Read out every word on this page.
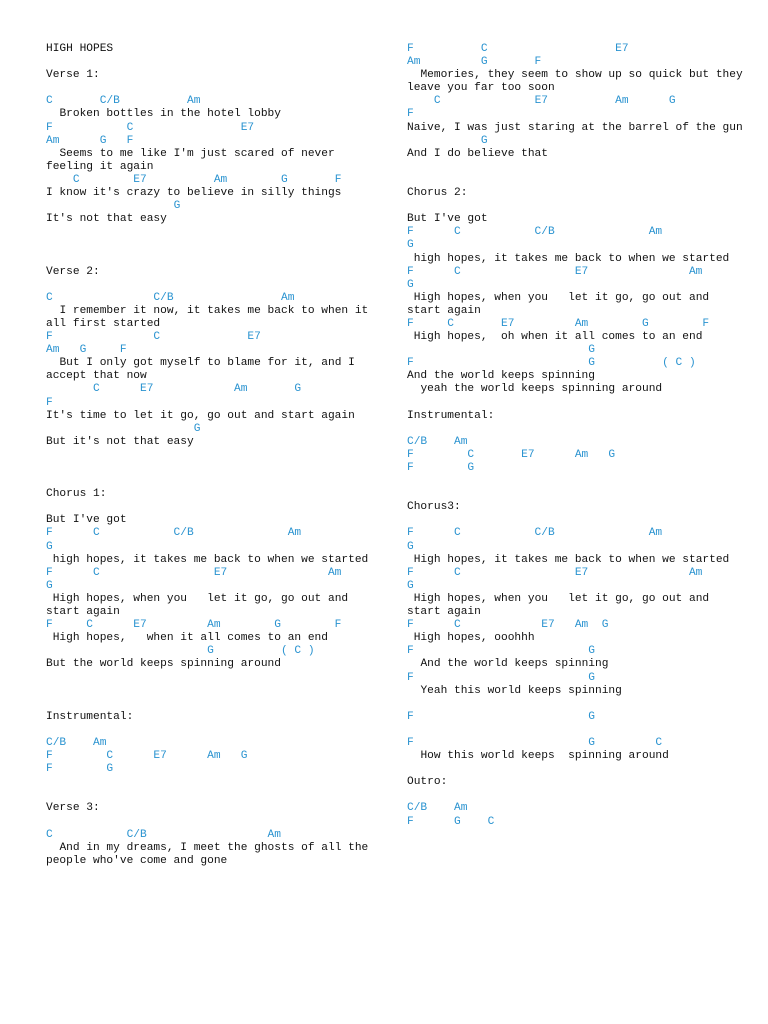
HIGH HOPES
Verse 1:
C       C/B          Am
Broken bottles in the hotel lobby
F           C                E7
Am      G   F
Seems to me like I'm just scared of never feeling it again
C        E7          Am        G       F
I know it's crazy to believe in silly things
G
It's not that easy
Verse 2:
C               C/B                Am
I remember it now, it takes me back to when it all first started
F               C             E7
Am   G     F
But I only got myself to blame for it, and I accept that now
C      E7            Am       G
F
It's time to let it go, go out and start again
G
But it's not that easy
Chorus 1:
But I've got
F      C           C/B              Am
G
high hopes, it takes me back to when we started
F      C                 E7               Am
G
High hopes, when you   let it go, go out and start again
F     C      E7         Am        G        F
High hopes,   when it all comes to an end
G          ( C )
But the world keeps spinning around
Instrumental:
C/B    Am
F        C      E7      Am   G
F        G
Verse 3:
C           C/B                  Am
And in my dreams, I meet the ghosts of all the people who've come and gone
F          C                   E7
Am         G       F
Memories, they seem to show up so quick but they leave you far too soon
C              E7          Am      G
F
Naive, I was just staring at the barrel of the gun
G
And I do believe that
Chorus 2:
But I've got
F      C           C/B              Am
G
high hopes, it takes me back to when we started
F      C                 E7               Am
G
High hopes, when you   let it go, go out and start again
F     C       E7         Am        G        F
High hopes,  oh when it all comes to an end
G
F                          G          ( C )
And the world keeps spinning
yeah the world keeps spinning around
Instrumental:
C/B    Am
F        C       E7      Am   G
F        G
Chorus3:
F      C           C/B              Am
G
High hopes, it takes me back to when we started
F      C                 E7               Am
G
High hopes, when you   let it go, go out and start again
F      C            E7   Am  G
High hopes, ooohhh
F                          G
And the world keeps spinning
F                          G
Yeah this world keeps spinning
F                          G
F                          G         C
How this world keeps  spinning around
Outro:
C/B    Am
F      G    C
